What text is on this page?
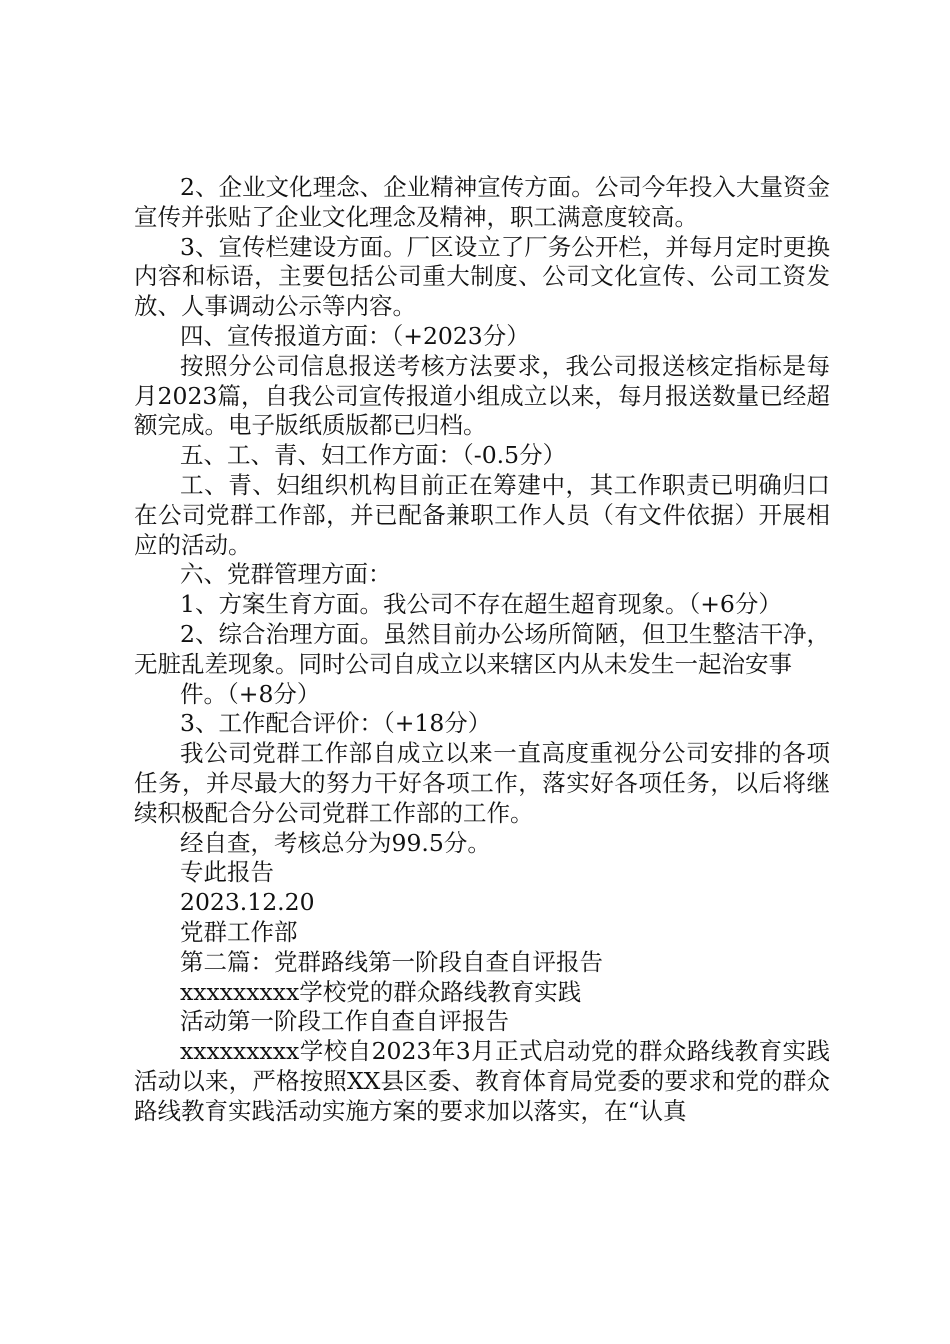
2、企业文化理念、企业精神宣传方面。公司今年投入大量资金宣传并张贴了企业文化理念及精神，职工满意度较高。

3、宣传栏建设方面。厂区设立了厂务公开栏，并每月定时更换内容和标语，主要包括公司重大制度、公司文化宣传、公司工资发放、人事调动公示等内容。

四、宣传报道方面：（+2023分）

按照分公司信息报送考核方法要求，我公司报送核定指标是每月2023篇，自我公司宣传报道小组成立以来，每月报送数量已经超额完成。电子版纸质版都已归档。

五、工、青、妇工作方面：（-0.5分）

工、青、妇组织机构目前正在筹建中，其工作职责已明确归口在公司党群工作部，并已配备兼职工作人员（有文件依据）开展相应的活动。

六、党群管理方面：

1、方案生育方面。我公司不存在超生超育现象。（+6分）

2、综合治理方面。虽然目前办公场所简陋，但卫生整洁干净，无脏乱差现象。同时公司自成立以来辖区内从未发生一起治安事

件。（+8分）

3、工作配合评价：（+18分）

我公司党群工作部自成立以来一直高度重视分公司安排的各项任务，并尽最大的努力干好各项工作，落实好各项任务，以后将继续积极配合分公司党群工作部的工作。

经自查，考核总分为99.5分。

专此报告

2023.12.20

党群工作部

第二篇：党群路线第一阶段自查自评报告

xxxxxxxxx学校党的群众路线教育实践

活动第一阶段工作自查自评报告

xxxxxxxxx学校自2023年3月正式启动党的群众路线教育实践活动以来，严格按照XX县区委、教育体育局党委的要求和党的群众路线教育实践活动实施方案的要求加以落实，在“认真
